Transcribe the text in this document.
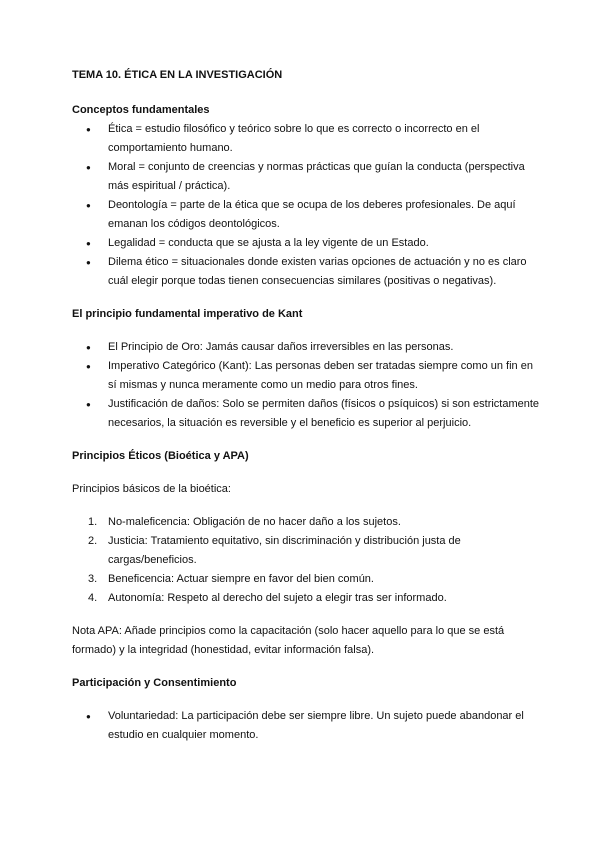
TEMA 10. ÉTICA EN LA INVESTIGACIÓN

Conceptos fundamentales
● Ética = estudio filosófico y teórico sobre lo que es correcto o incorrecto en el comportamiento humano.
● Moral = conjunto de creencias y normas prácticas que guían la conducta (perspectiva más espiritual / práctica).
● Deontología = parte de la ética que se ocupa de los deberes profesionales. De aquí emanan los códigos deontológicos.
● Legalidad = conducta que se ajusta a la ley vigente de un Estado.
● Dilema ético = situacionales donde existen varias opciones de actuación y no es claro cuál elegir porque todas tienen consecuencias similares (positivas o negativas).
El principio fundamental imperativo de Kant
● El Principio de Oro: Jamás causar daños irreversibles en las personas.
● Imperativo Categórico (Kant): Las personas deben ser tratadas siempre como un fin en sí mismas y nunca meramente como un medio para otros fines.
● Justificación de daños: Solo se permiten daños (físicos o psíquicos) si son estrictamente necesarios, la situación es reversible y el beneficio es superior al perjuicio.
Principios Éticos (Bioética y APA)

Principios básicos de la bioética:

1. No-maleficencia: Obligación de no hacer daño a los sujetos.
2. Justicia: Tratamiento equitativo, sin discriminación y distribución justa de cargas/beneficios.
3. Beneficencia: Actuar siempre en favor del bien común.
4. Autonomía: Respeto al derecho del sujeto a elegir tras ser informado.

Nota APA: Añade principios como la capacitación (solo hacer aquello para lo que se está formado) y la integridad (honestidad, evitar información falsa).

Participación y Consentimiento
● Voluntariedad: La participación debe ser siempre libre. Un sujeto puede abandonar el estudio en cualquier momento.
